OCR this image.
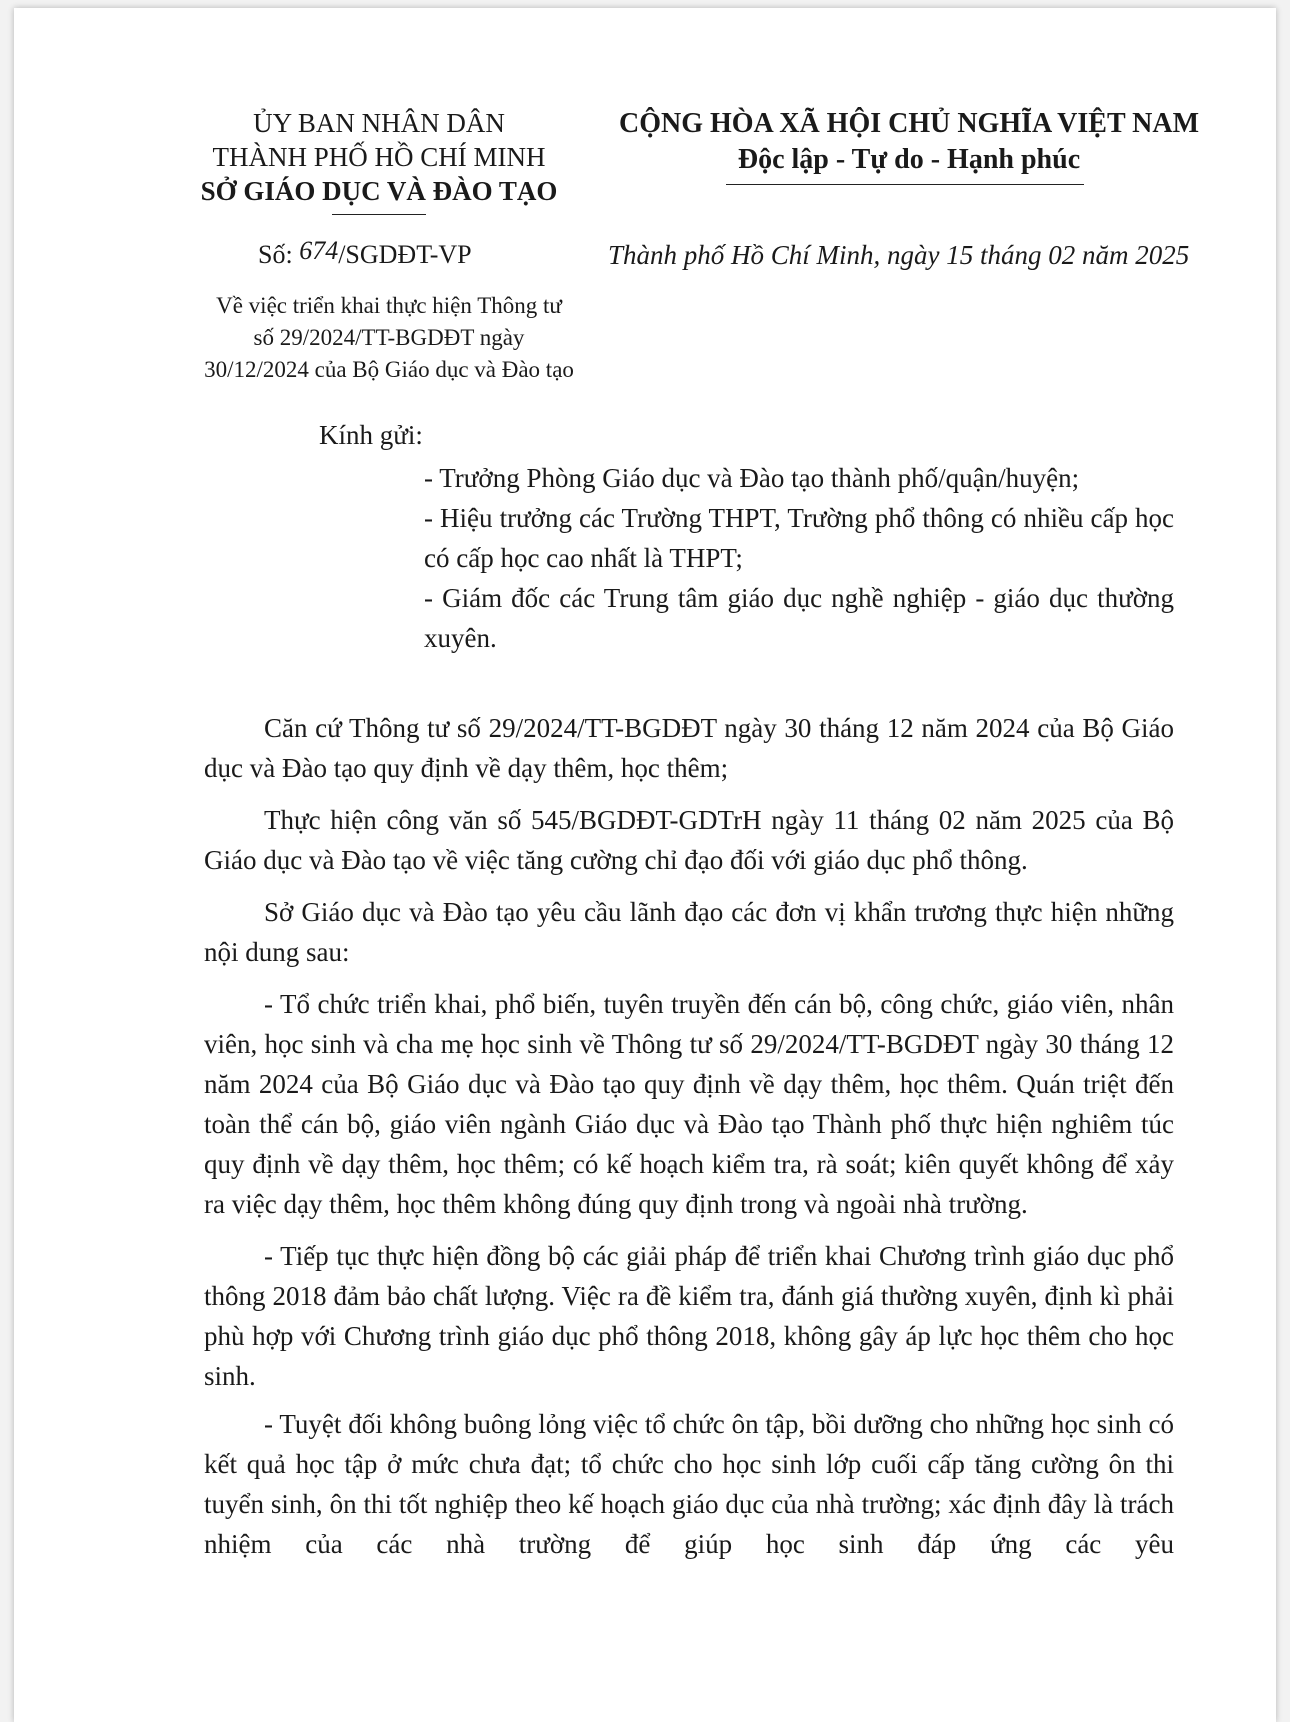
ỦY BAN NHÂN DÂN
THÀNH PHỐ HỒ CHÍ MINH
SỞ GIÁO DỤC VÀ ĐÀO TẠO
CỘNG HÒA XÃ HỘI CHỦ NGHĨA VIỆT NAM
Độc lập - Tự do - Hạnh phúc
Số: 674/SGDĐT-VP	Thành phố Hồ Chí Minh, ngày 15 tháng 02 năm 2025
Về việc triển khai thực hiện Thông tư
số 29/2024/TT-BGDĐT ngày
30/12/2024 của Bộ Giáo dục và Đào tạo
Kính gửi:
- Trưởng Phòng Giáo dục và Đào tạo thành phố/quận/huyện;
- Hiệu trưởng các Trường THPT, Trường phổ thông có nhiều cấp học có cấp học cao nhất là THPT;
- Giám đốc các Trung tâm giáo dục nghề nghiệp - giáo dục thường xuyên.

Căn cứ Thông tư số 29/2024/TT-BGDĐT ngày 30 tháng 12 năm 2024 của Bộ Giáo dục và Đào tạo quy định về dạy thêm, học thêm;

Thực hiện công văn số 545/BGDĐT-GDTrH ngày 11 tháng 02 năm 2025 của Bộ Giáo dục và Đào tạo về việc tăng cường chỉ đạo đối với giáo dục phổ thông.

Sở Giáo dục và Đào tạo yêu cầu lãnh đạo các đơn vị khẩn trương thực hiện những nội dung sau:

- Tổ chức triển khai, phổ biến, tuyên truyền đến cán bộ, công chức, giáo viên, nhân viên, học sinh và cha mẹ học sinh về Thông tư số 29/2024/TT-BGDĐT ngày 30 tháng 12 năm 2024 của Bộ Giáo dục và Đào tạo quy định về dạy thêm, học thêm. Quán triệt đến toàn thể cán bộ, giáo viên ngành Giáo dục và Đào tạo Thành phố thực hiện nghiêm túc quy định về dạy thêm, học thêm; có kế hoạch kiểm tra, rà soát; kiên quyết không để xảy ra việc dạy thêm, học thêm không đúng quy định trong và ngoài nhà trường.

- Tiếp tục thực hiện đồng bộ các giải pháp để triển khai Chương trình giáo dục phổ thông 2018 đảm bảo chất lượng. Việc ra đề kiểm tra, đánh giá thường xuyên, định kì phải phù hợp với Chương trình giáo dục phổ thông 2018, không gây áp lực học thêm cho học sinh.

- Tuyệt đối không buông lỏng việc tổ chức ôn tập, bồi dưỡng cho những học sinh có kết quả học tập ở mức chưa đạt; tổ chức cho học sinh lớp cuối cấp tăng cường ôn thi tuyển sinh, ôn thi tốt nghiệp theo kế hoạch giáo dục của nhà trường; xác định đây là trách nhiệm của các nhà trường để giúp học sinh đáp ứng các yêu
